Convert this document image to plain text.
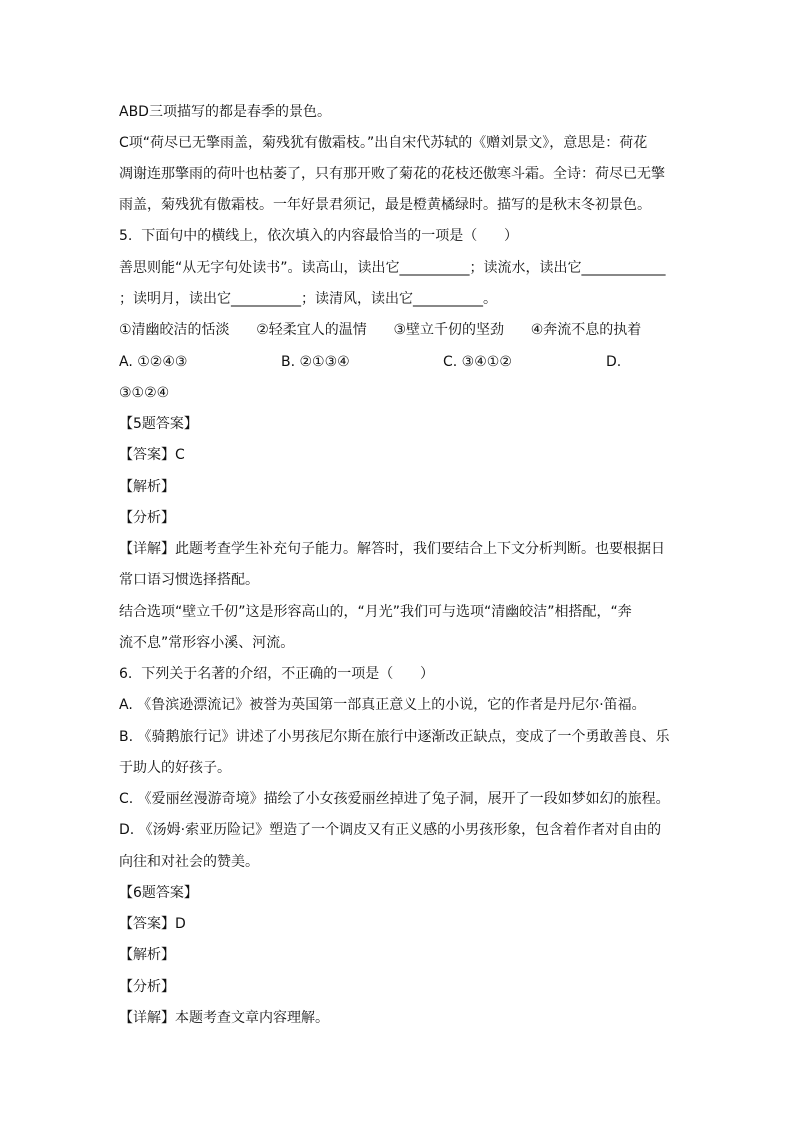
ABD三项描写的都是春季的景色。
C项“荷尽已无擎雨盖，菊残犹有傲霜枝。”出自宋代苏轼的《赠刘景文》，意思是：荷花
凋谢连那擎雨的荷叶也枯萎了，只有那开败了菊花的花枝还傲寒斗霜。全诗：荷尽已无擎
雨盖，菊残犹有傲霜枝。一年好景君须记，最是橙黄橘绿时。描写的是秋末冬初景色。
5.  下面句中的横线上，依次填入的内容最恰当的一项是（      ）
善思则能“从无字句处读书”。读高山，读出它__________；读流水，读出它____________
；读明月，读出它__________；读清风，读出它__________。
①清幽皎洁的恬淡      ②轻柔宜人的温情      ③壁立千仞的坚劲      ④奔流不息的执着
A. ①②④③	B. ②①③④	C. ③④①②	D.
③①②④
【5题答案】
【答案】C
【解析】
【分析】
【详解】此题考查学生补充句子能力。解答时，我们要结合上下文分析判断。也要根据日
常口语习惯选择搭配。
结合选项“壁立千仞”这是形容高山的，“月光”我们可与选项“清幽皎洁”相搭配，“奔
流不息”常形容小溪、河流。
6.  下列关于名著的介绍，不正确的一项是（      ）
A. 《鲁滨逊漂流记》被誉为英国第一部真正意义上的小说，它的作者是丹尼尔·笛福。
B. 《骑鹅旅行记》讲述了小男孩尼尔斯在旅行中逐渐改正缺点，变成了一个勇敢善良、乐
于助人的好孩子。
C. 《爱丽丝漫游奇境》描绘了小女孩爱丽丝掉进了兔子洞，展开了一段如梦如幻的旅程。
D. 《汤姆·索亚历险记》塑造了一个调皮又有正义感的小男孩形象，包含着作者对自由的
向往和对社会的赞美。
【6题答案】
【答案】D
【解析】
【分析】
【详解】本题考查文章内容理解。
